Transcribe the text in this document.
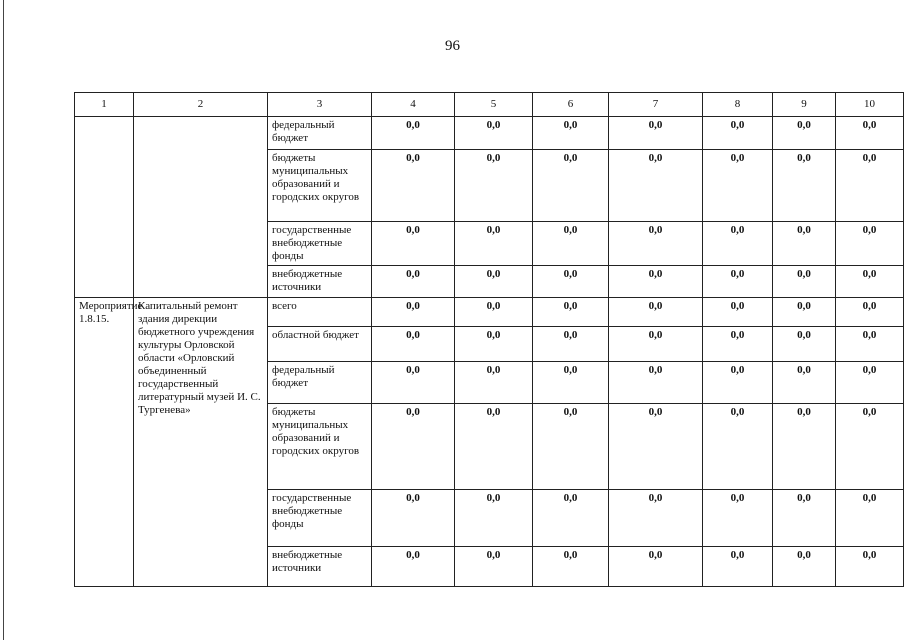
96
1	2	3	4	5	6	7	8	9	10
		федеральный бюджет	0,0	0,0	0,0	0,0	0,0	0,0	0,0
		бюджеты муниципальных образований и городских округов	0,0	0,0	0,0	0,0	0,0	0,0	0,0
		государственные внебюджетные фонды	0,0	0,0	0,0	0,0	0,0	0,0	0,0
		внебюджетные источники	0,0	0,0	0,0	0,0	0,0	0,0	0,0
Мероприятие 1.8.15.	Капитальный ремонт здания дирекции бюджетного учреждения культуры Орловской области «Орловский объединенный государственный литературный музей И. С. Тургенева»	всего	0,0	0,0	0,0	0,0	0,0	0,0	0,0
		областной бюджет	0,0	0,0	0,0	0,0	0,0	0,0	0,0
		федеральный бюджет	0,0	0,0	0,0	0,0	0,0	0,0	0,0
		бюджеты муниципальных образований и городских округов	0,0	0,0	0,0	0,0	0,0	0,0	0,0
		государственные внебюджетные фонды	0,0	0,0	0,0	0,0	0,0	0,0	0,0
		внебюджетные источники	0,0	0,0	0,0	0,0	0,0	0,0	0,0
